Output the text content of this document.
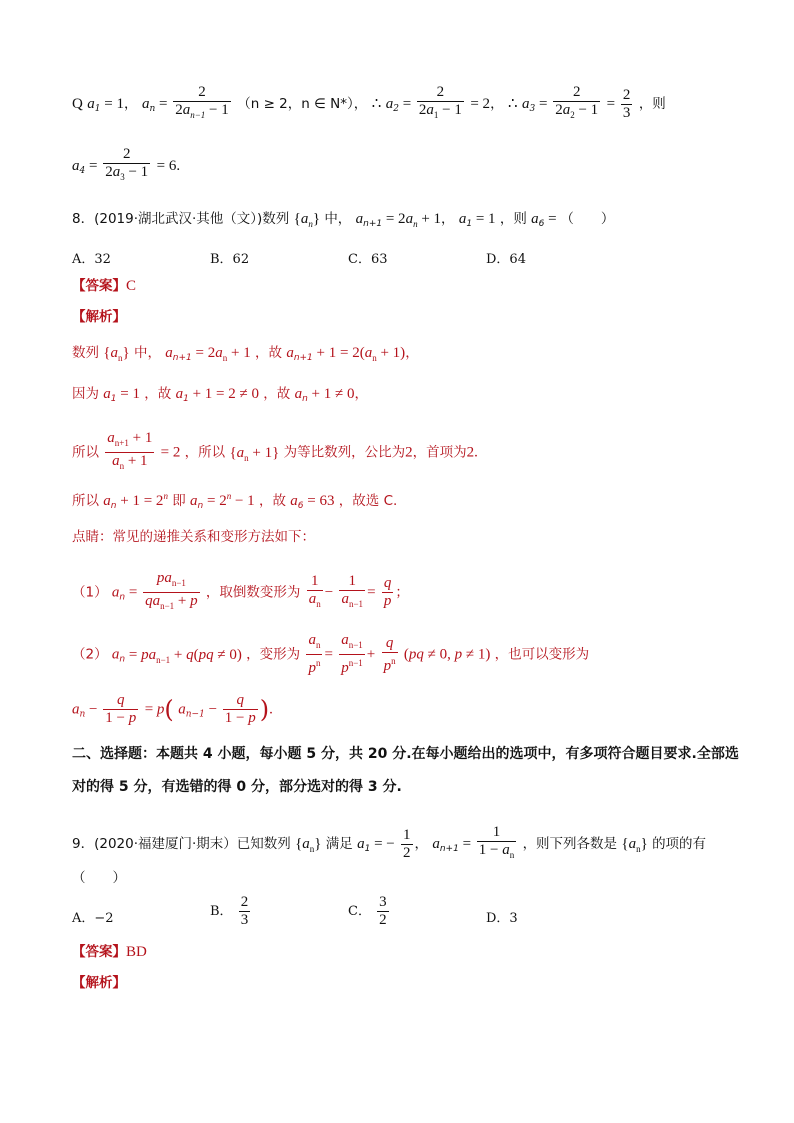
Q $a_1 = 1$， $a_n = \frac{2}{2a_{n-1} - 1} (n \ge 2$，n ∈ N*）， ∴ $a_2 = \frac{2}{2a_1 - 1} = 2$， ∴ $a_3 = \frac{2}{2a_2 - 1} = \frac{2}{3}$ ，则
$a_4 = \frac{2}{2a_3 - 1} = 6$.
8．(2019·湖北武汉·其他（文）)数列 $\{a_n\}$ 中， $a_{n+1} = 2a_n + 1$， $a_1 = 1$ ，则 $a_6$ = （　　）
A．32	B．62	C．63	D．64
【答案】C
【解析】
数列 $\{a_n\}$ 中， $a_{n+1} = 2a_n + 1$ ，故 $a_{n+1} + 1 = 2(a_n + 1)$，
因为 $a_1 = 1$ ，故 $a_1 + 1 = 2 \ne 0$ ，故 $a_n + 1 \ne 0$，
所以 $\frac{a_{n+1} + 1}{a_n + 1} = 2$ ，所以 $\{a_n + 1\}$ 为等比数列，公比为2，首项为2.
所以 $a_n + 1 = 2^n$ 即 $a_n = 2^n - 1$ ，故 $a_6 = 63$ ，故选 C.
点睛：常见的递推关系和变形方法如下：
（1） $a_n = \frac{pa_{n-1}}{qa_{n-1} + p}$ ，取倒数变形为 $\frac{1}{a_n} - \frac{1}{a_{n-1}} = \frac{q}{p}$ ；
（2） $a_n = pa_{n-1} + q(pq \ne 0)$ ，变形为 $\frac{a_n}{p^n} = \frac{a_{n-1}}{p^{n-1}} + \frac{q}{p^n} (pq \ne 0$, p ≠ 1) ，也可以变形为
$a_n - \frac{q}{1 - p} = p$( $a_{n-1} - \frac{q}{1 - p}$ ).
二、选择题：本题共 4 小题，每小题 5 分，共 20 分.在每小题给出的选项中，有多项符合题目要求.全部选
对的得 5 分，有选错的得 0 分，部分选对的得 3 分.
9．(2020·福建厦门·期末）已知数列 $\{a_n\}$ 满足 $a_1$ = − $\frac{1}{2}$ ， $a_{n+1} = \frac{1}{1 - a_n}$ ，则下列各数是 $\{a_n\}$ 的项的有
（　　）
A．−2	B． $\frac{2}{3}$	C． $\frac{3}{2}$	D．3
【答案】BD
【解析】
